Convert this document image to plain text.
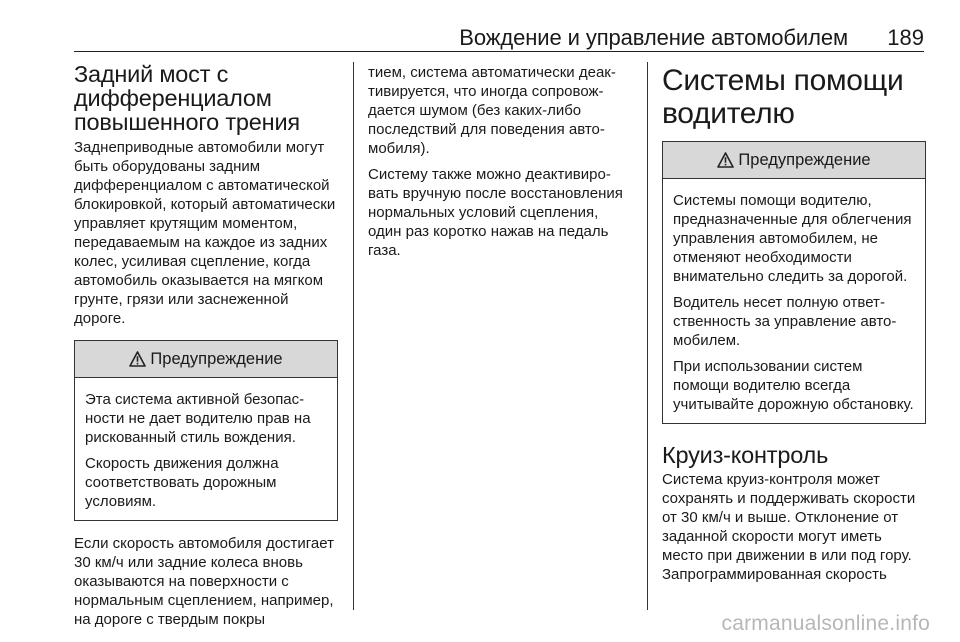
Вождение и управление автомобилем 189
Задний мост с дифференциалом повышенного трения

Заднеприводные автомобили могут быть оборудованы задним дифференциалом с автоматической блокировкой, который автоматически управляет крутящим моментом, передаваемым на каждое из задних колес, усиливая сцепление, когда автомобиль оказывается на мягком грунте, грязи или заснеженной дороге.

Предупреждение

Эта система активной безопасности не дает водителю прав на рискованный стиль вождения.

Скорость движения должна соответствовать дорожным условиям.

Если скорость автомобиля достигает 30 км/ч или задние колеса вновь оказываются на поверхности с нормальным сцеплением, например, на дороге с твердым покры

тием, система автоматически деактивируется, что иногда сопровождается шумом (без каких-либо последствий для поведения автомобиля).

Систему также можно деактивировать вручную после восстановления нормальных условий сцепления, один раз коротко нажав на педаль газа.

Системы помощи водителю
Предупреждение

Системы помощи водителю, предназначенные для облегчения управления автомобилем, не отменяют необходимости внимательно следить за дорогой.

Водитель несет полную ответственность за управление автомобилем.

При использовании систем помощи водителю всегда учитывайте дорожную обстановку.

Круиз-контроль

Система круиз-контроля может сохранять и поддерживать скорости от 30 км/ч и выше. Отклонение от заданной скорости могут иметь место при движении в или под гору. Запрограммированная скорость

carmanualsonline.info
